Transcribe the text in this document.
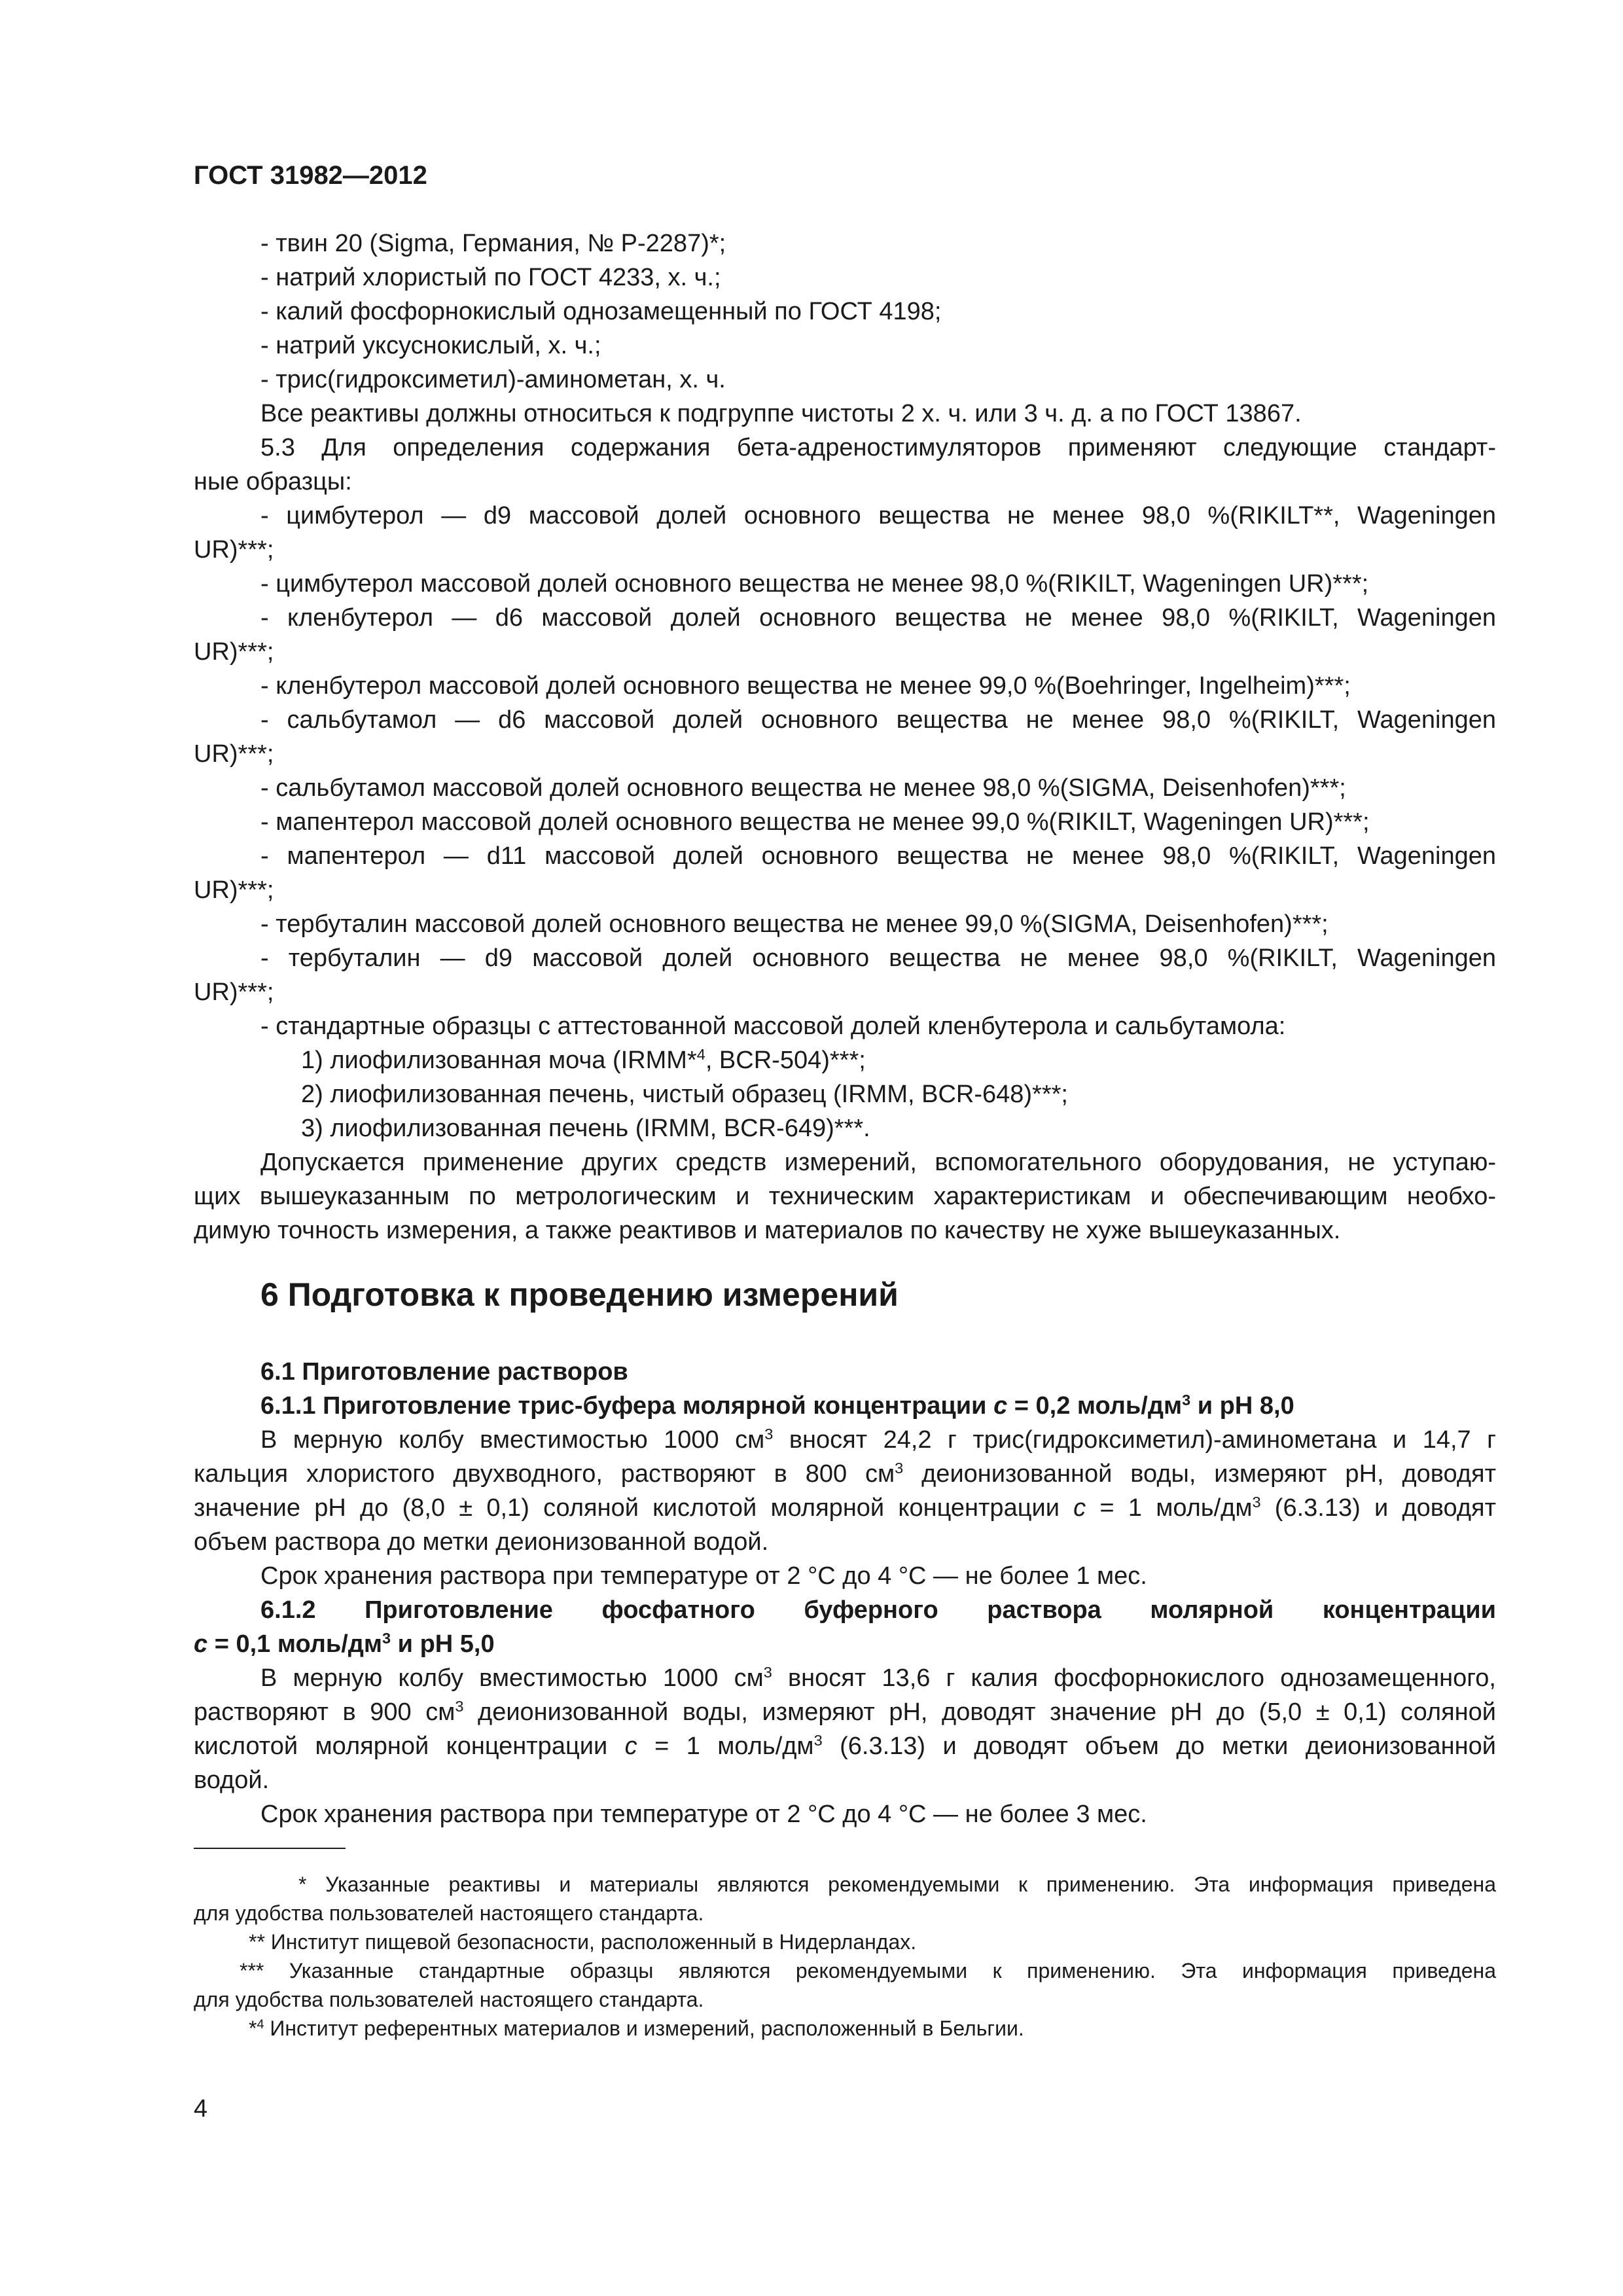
ГОСТ 31982—2012
- твин 20 (Sigma, Германия, № Р-2287)*;
- натрий хлористый по ГОСТ 4233, х. ч.;
- калий фосфорнокислый однозамещенный по ГОСТ 4198;
- натрий уксуснокислый, х. ч.;
- трис(гидроксиметил)-аминометан, х. ч.
Все реактивы должны относиться к подгруппе чистоты 2 х. ч. или 3 ч. д. а по ГОСТ 13867.
5.3 Для определения содержания бета-адреностимуляторов применяют следующие стандарт-
ные образцы:
- цимбутерол — d9 массовой долей основного вещества не менее 98,0 %(RIKILT**, Wageningen
UR)***;
- цимбутерол массовой долей основного вещества не менее 98,0 %(RIKILT, Wageningen UR)***;
- кленбутерол — d6 массовой долей основного вещества не менее 98,0 %(RIKILT, Wageningen
UR)***;
- кленбутерол массовой долей основного вещества не менее 99,0 %(Boehringer, Ingelheim)***;
- сальбутамол — d6 массовой долей основного вещества не менее 98,0 %(RIKILT, Wageningen
UR)***;
- сальбутамол массовой долей основного вещества не менее 98,0 %(SIGMA, Deisenhofen)***;
- мапентерол массовой долей основного вещества не менее 99,0 %(RIKILT, Wageningen UR)***;
- мапентерол — d11 массовой долей основного вещества не менее 98,0 %(RIKILT, Wageningen
UR)***;
- тербуталин массовой долей основного вещества не менее 99,0 %(SIGMA, Deisenhofen)***;
- тербуталин — d9 массовой долей основного вещества не менее 98,0 %(RIKILT, Wageningen
UR)***;
- стандартные образцы с аттестованной массовой долей кленбутерола и сальбутамола:
1) лиофилизованная моча (IRMM*$^4$, BCR-504)***;
2) лиофилизованная печень, чистый образец (IRMM, BCR-648)***;
3) лиофилизованная печень (IRMM, BCR-649)***.
Допускается применение других средств измерений, вспомогательного оборудования, не уступаю-
щих вышеуказанным по метрологическим и техническим характеристикам и обеспечивающим необхо-
димую точность измерения, а также реактивов и материалов по качеству не хуже вышеуказанных.
6 Подготовка к проведению измерений
6.1 Приготовление растворов
6.1.1 Приготовление трис-буфера молярной концентрации с = 0,2 моль/$дм^3$ и pH 8,0
В мерную колбу вместимостью 1000 $см^3$ вносят 24,2 г трис(гидроксиметил)-аминометана и 14,7 г
кальция хлористого двухводного, растворяют в 800 $см^3$ деионизованной воды, измеряют pH, доводят
значение pH до (8,0 ± 0,1) соляной кислотой молярной концентрации с = 1 моль/$дм^3$ (6.3.13) и доводят
объем раствора до метки деионизованной водой.
Срок хранения раствора при температуре от 2 °С до 4 °С — не более 1 мес.
6.1.2 Приготовление фосфатного буферного раствора молярной концентрации
с = 0,1 моль/$дм^3$ и pH 5,0
В мерную колбу вместимостью 1000 $см^3$ вносят 13,6 г калия фосфорнокислого однозамещенного,
растворяют в 900 $см^3$ деионизованной воды, измеряют pH, доводят значение pH до (5,0 ± 0,1) соляной
кислотой молярной концентрации с = 1 моль/$дм^3$ (6.3.13) и доводят объем до метки деионизованной
водой.
Срок хранения раствора при температуре от 2 °С до 4 °С — не более 3 мес.
* Указанные реактивы и материалы являются рекомендуемыми к применению. Эта информация приведена
для удобства пользователей настоящего стандарта.
** Институт пищевой безопасности, расположенный в Нидерландах.
*** Указанные стандартные образцы являются рекомендуемыми к применению. Эта информация приведена
для удобства пользователей настоящего стандарта.
*$^4$ Институт референтных материалов и измерений, расположенный в Бельгии.
4
